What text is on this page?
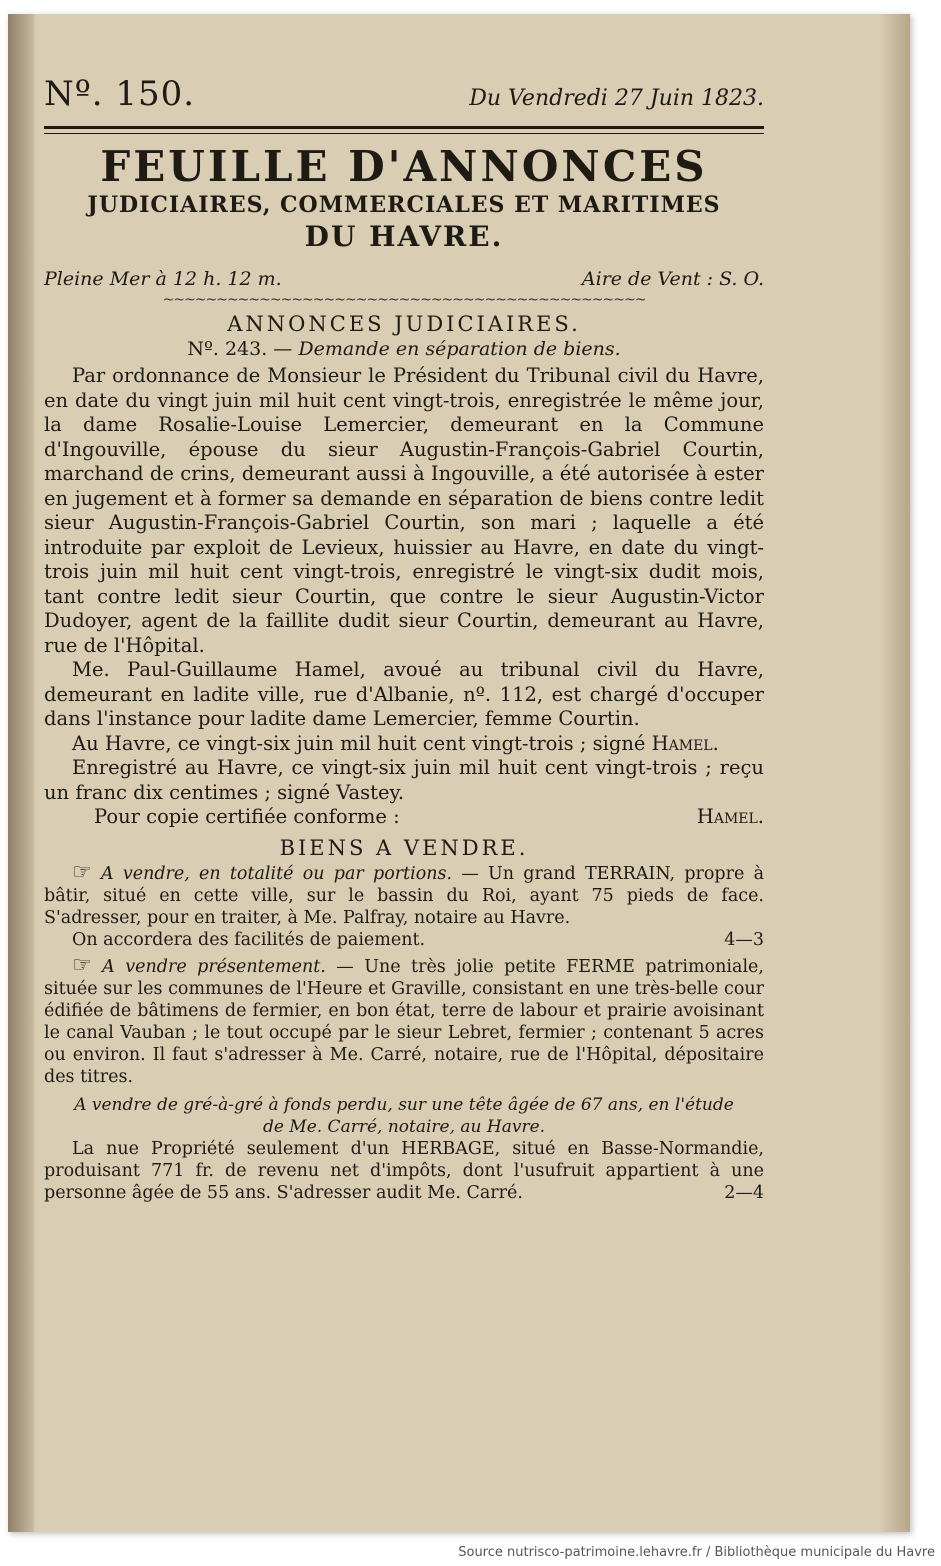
Nº. 150.	Du Vendredi 27 Juin 1823.
FEUILLE D'ANNONCES
JUDICIAIRES, COMMERCIALES ET MARITIMES
DU HAVRE.
Pleine Mer à 12 h. 12 m.	Aire de Vent : S. O.
~~~~~~~~~~~~~~~~~~~~~~~~~~~~~~~~~~~~~~~~~~~~~
ANNONCES JUDICIAIRES.
Nº. 243. — Demande en séparation de biens.

Par ordonnance de Monsieur le Président du Tribunal civil du Havre, en date du vingt juin mil huit cent vingt-trois, enregistrée le même jour, la dame Rosalie-Louise Lemercier, demeurant en la Commune d'Ingouville, épouse du sieur Augustin-François-Gabriel Courtin, marchand de crins, demeurant aussi à Ingouville, a été autorisée à ester en jugement et à former sa demande en séparation de biens contre ledit sieur Augustin-François-Gabriel Courtin, son mari ; laquelle a été introduite par exploit de Levieux, huissier au Havre, en date du vingt-trois juin mil huit cent vingt-trois, enregistré le vingt-six dudit mois, tant contre ledit sieur Courtin, que contre le sieur Augustin-Victor Dudoyer, agent de la faillite dudit sieur Courtin, demeurant au Havre, rue de l'Hôpital.

Me. Paul-Guillaume Hamel, avoué au tribunal civil du Havre, demeurant en ladite ville, rue d'Albanie, nº. 112, est chargé d'occuper dans l'instance pour ladite dame Lemercier, femme Courtin.

Au Havre, ce vingt-six juin mil huit cent vingt-trois ; signé Hamel.

Enregistré au Havre, ce vingt-six juin mil huit cent vingt-trois ; reçu un franc dix centimes ; signé Vastey.

Pour copie certifiée conforme :	Hamel.
BIENS A VENDRE.

☞ A vendre, en totalité ou par portions. — Un grand TERRAIN, propre à bâtir, situé en cette ville, sur le bassin du Roi, ayant 75 pieds de face. S'adresser, pour en traiter, à Me. Palfray, notaire au Havre.

On accordera des facilités de paiement.	4—3

☞ A vendre présentement. — Une très jolie petite FERME patrimoniale, située sur les communes de l'Heure et Graville, consistant en une très-belle cour édifiée de bâtimens de fermier, en bon état, terre de labour et prairie avoisinant le canal Vauban ; le tout occupé par le sieur Lebret, fermier ; contenant 5 acres ou environ. Il faut s'adresser à Me. Carré, notaire, rue de l'Hôpital, dépositaire des titres.

A vendre de gré-à-gré à fonds perdu, sur une tête âgée de 67 ans, en l'étude

de Me. Carré, notaire, au Havre.

La nue Propriété seulement d'un HERBAGE, situé en Basse-Normandie, produisant 771 fr. de revenu net d'impôts, dont l'usufruit appartient à une personne âgée de 55 ans. S'adresser audit Me. Carré.	2—4

Source nutrisco-patrimoine.lehavre.fr / Bibliothèque municipale du Havre
